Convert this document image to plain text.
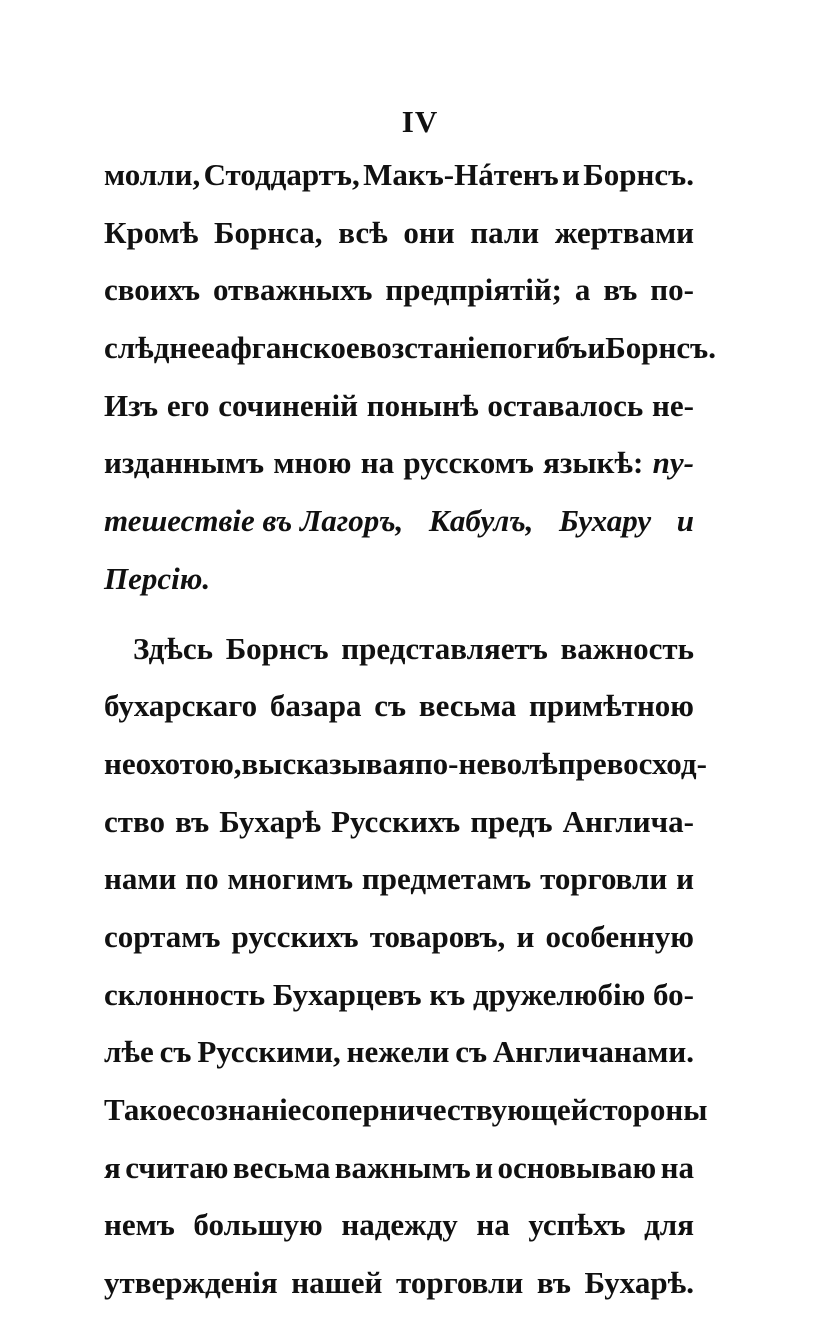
IV
молли, Стоддартъ, Макъ-Нáтенъ и Борнсъ.
Кромѣ Борнса, всѣ они пали жертвами
своихъ отважныхъ предпріятій; а въ по-
слѣднее афганское возстаніе погибъ и Борнсъ.
Изъ его сочиненій понынѣ оставалось не-
изданнымъ мною на русскомъ языкѣ: пу-
тешествіе въ Лагоръ, Кабулъ, Бухару и
Персію.
Здѣсь Борнсъ представляетъ важность
бухарскаго базара съ весьма примѣтною
неохотою, высказывая по-неволѣ превосход-
ство въ Бухарѣ Русскихъ предъ Англича-
нами по многимъ предметамъ торговли и
сортамъ русскихъ товаровъ, и особенную
склонность Бухарцевъ къ дружелюбію бо-
лѣе съ Русскими, нежели съ Англичанами.
Такое сознаніе соперничествующей стороны
я считаю весьма важнымъ и основываю на
немъ большую надежду на успѣхъ для
утвержденія нашей торговли въ Бухарѣ.
